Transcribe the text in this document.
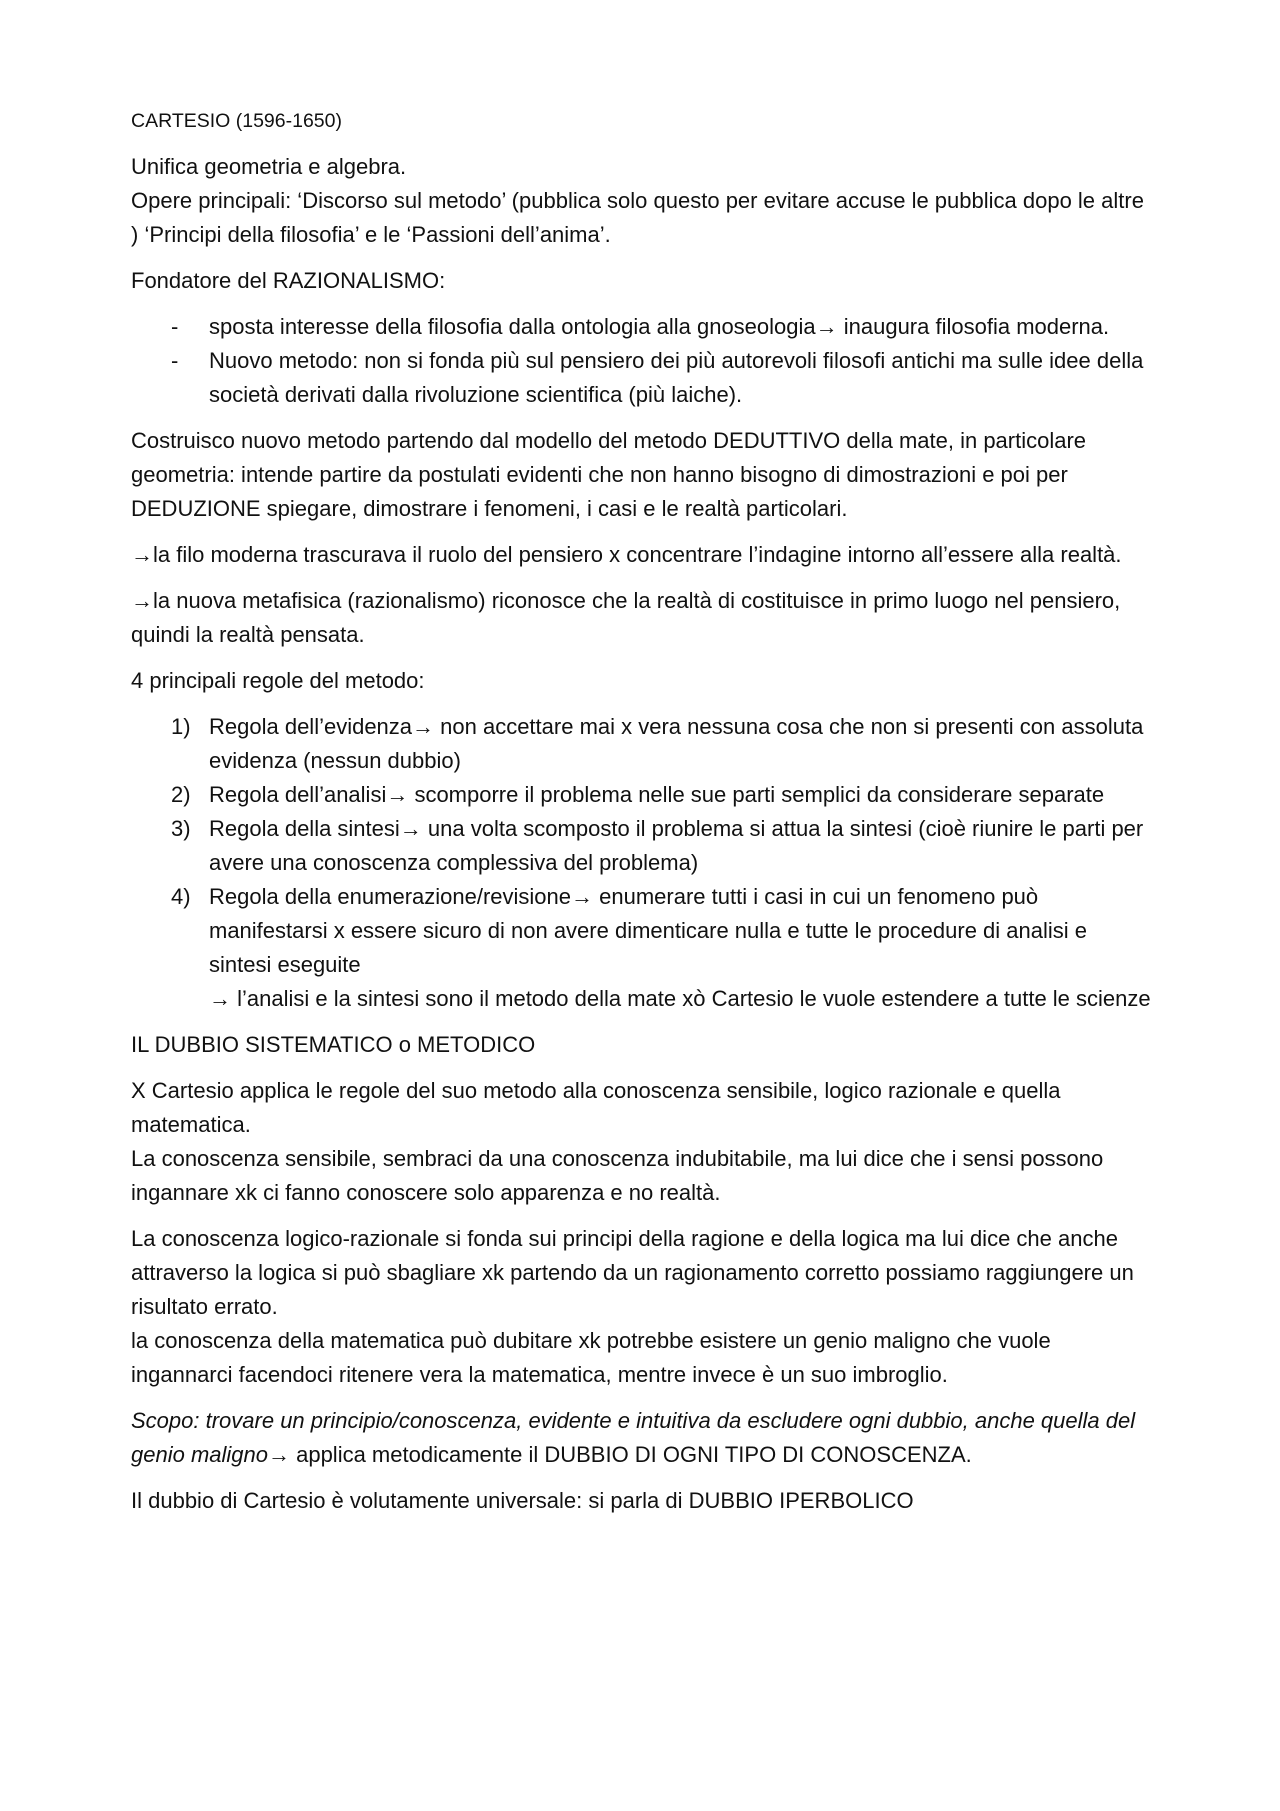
CARTESIO (1596-1650)

Unifica geometria e algebra.
Opere principali: ‘Discorso sul metodo’ (pubblica solo questo per evitare accuse le pubblica dopo le altre ) ‘Principi della filosofia’ e le ‘Passioni dell’anima’.

Fondatore del RAZIONALISMO:

- sposta interesse della filosofia dalla ontologia alla gnoseologia→ inaugura filosofia moderna.
- Nuovo metodo: non si fonda più sul pensiero dei più autorevoli filosofi antichi ma sulle idee della società derivati dalla rivoluzione scientifica (più laiche).

Costruisco nuovo metodo partendo dal modello del metodo DEDUTTIVO della mate, in particolare geometria: intende partire da postulati evidenti che non hanno bisogno di dimostrazioni e poi per DEDUZIONE spiegare, dimostrare i fenomeni, i casi e le realtà particolari.

→la filo moderna trascurava il ruolo del pensiero x concentrare l’indagine intorno all’essere alla realtà.

→la nuova metafisica (razionalismo) riconosce che la realtà di costituisce in primo luogo nel pensiero, quindi la realtà pensata.

4 principali regole del metodo:

1) Regola dell’evidenza→ non accettare mai x vera nessuna cosa che non si presenti con assoluta evidenza (nessun dubbio)
2) Regola dell’analisi→ scomporre il problema nelle sue parti semplici da considerare separate
3) Regola della sintesi→ una volta scomposto il problema si attua la sintesi (cioè riunire le parti per avere una conoscenza complessiva del problema)
4) Regola della enumerazione/revisione→ enumerare tutti i casi in cui un fenomeno può manifestarsi x essere sicuro di non avere dimenticare nulla e tutte le procedure di analisi e sintesi eseguite
→ l’analisi e la sintesi sono il metodo della mate xò Cartesio le vuole estendere a tutte le scienze

IL DUBBIO SISTEMATICO o METODICO

X Cartesio applica le regole del suo metodo alla conoscenza sensibile, logico razionale e quella matematica.
La conoscenza sensibile, sembraci da una conoscenza indubitabile, ma lui dice che i sensi possono ingannare xk ci fanno conoscere solo apparenza e no realtà.

La conoscenza logico-razionale si fonda sui principi della ragione e della logica ma lui dice che anche attraverso la logica si può sbagliare xk partendo da un ragionamento corretto possiamo raggiungere un risultato errato.
la conoscenza della matematica può dubitare xk potrebbe esistere un genio maligno che vuole ingannarci facendoci ritenere vera la matematica, mentre invece è un suo imbroglio.

Scopo: trovare un principio/conoscenza, evidente e intuitiva da escludere ogni dubbio, anche quella del genio maligno→ applica metodicamente il DUBBIO DI OGNI TIPO DI CONOSCENZA.

Il dubbio di Cartesio è volutamente universale: si parla di DUBBIO IPERBOLICO
